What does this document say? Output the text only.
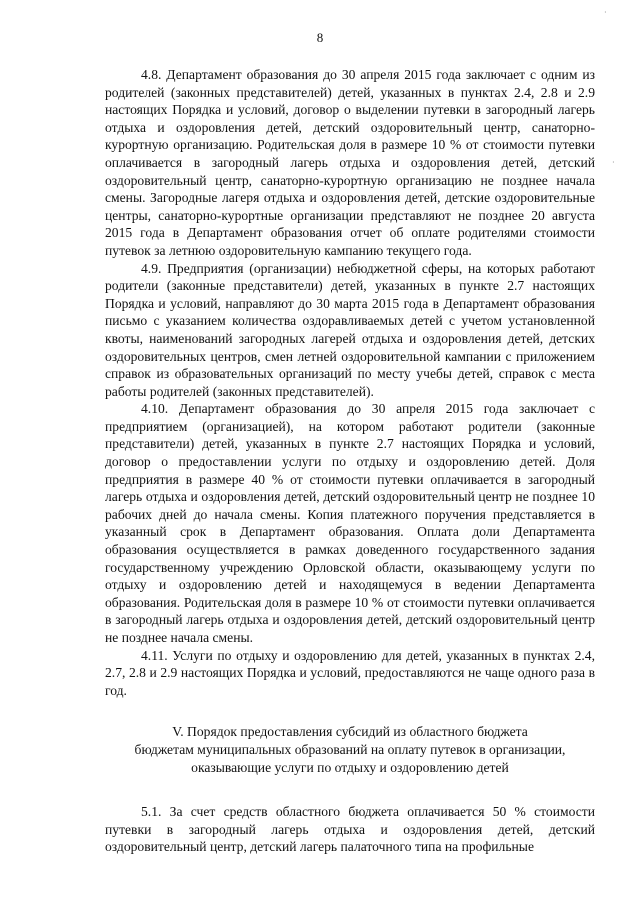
·
·
8

4.8. Департамент образования до 30 апреля 2015 года заключает с одним из родителей (законных представителей) детей, указанных в пунктах 2.4, 2.8 и 2.9 настоящих Порядка и условий, договор о выделении путевки в загородный лагерь отдыха и оздоровления детей, детский оздоровительный центр, санаторно-курортную организацию. Родительская доля в размере 10 % от стоимости путевки оплачивается в загородный лагерь отдыха и оздоровления детей, детский оздоровительный центр, санаторно-курортную организацию не позднее начала смены. Загородные лагеря отдыха и оздоровления детей, детские оздоровительные центры, санаторно-курортные организации представляют не позднее 20 августа 2015 года в Департамент образования отчет об оплате родителями стоимости путевок за летнюю оздоровительную кампанию текущего года.

4.9. Предприятия (организации) небюджетной сферы, на которых работают родители (законные представители) детей, указанных в пункте 2.7 настоящих Порядка и условий, направляют до 30 марта 2015 года в Департамент образования письмо с указанием количества оздоравливаемых детей с учетом установленной квоты, наименований загородных лагерей отдыха и оздоровления детей, детских оздоровительных центров, смен летней оздоровительной кампании с приложением справок из образовательных организаций по месту учебы детей, справок с места работы родителей (законных представителей).

4.10. Департамент образования до 30 апреля 2015 года заключает с предприятием (организацией), на котором работают родители (законные представители) детей, указанных в пункте 2.7 настоящих Порядка и условий, договор о предоставлении услуги по отдыху и оздоровлению детей. Доля предприятия в размере 40 % от стоимости путевки оплачивается в загородный лагерь отдыха и оздоровления детей, детский оздоровительный центр не позднее 10 рабочих дней до начала смены. Копия платежного поручения представляется в указанный срок в Департамент образования. Оплата доли Департамента образования осуществляется в рамках доведенного государственного задания государственному учреждению Орловской области, оказывающему услуги по отдыху и оздоровлению детей и находящемуся в ведении Департамента образования. Родительская доля в размере 10 % от стоимости путевки оплачивается в загородный лагерь отдыха и оздоровления детей, детский оздоровительный центр не позднее начала смены.

4.11. Услуги по отдыху и оздоровлению для детей, указанных в пунктах 2.4, 2.7, 2.8 и 2.9 настоящих Порядка и условий, предоставляются не чаще одного раза в год.

V. Порядок предоставления субсидий из областного бюджета
бюджетам муниципальных образований на оплату путевок в организации,
оказывающие услуги по отдыху и оздоровлению детей

5.1. За счет средств областного бюджета оплачивается 50 % стоимости путевки в загородный лагерь отдыха и оздоровления детей, детский оздоровительный центр, детский лагерь палаточного типа на профильные
